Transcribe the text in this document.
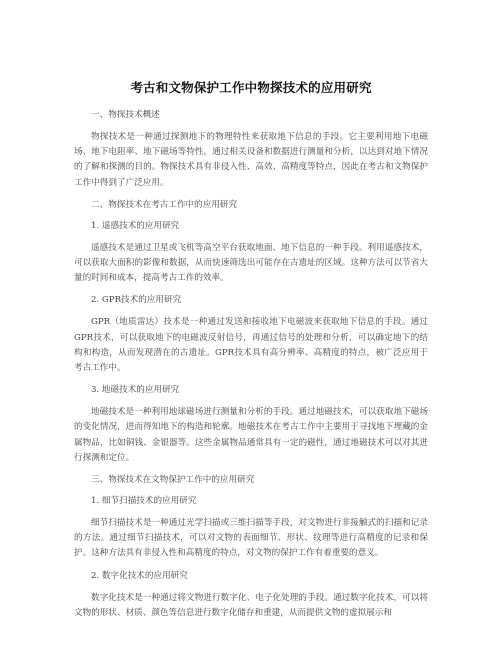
考古和文物保护工作中物探技术的应用研究
一、物探技术概述

物探技术是一种通过探测地下的物理特性来获取地下信息的手段。它主要利用地下电磁场、地下电阻率、地下磁场等特性，通过相关设备和数据进行测量和分析，以达到对地下情况的了解和探测的目的。物探技术具有非侵入性、高效、高精度等特点，因此在考古和文物保护工作中得到了广泛应用。

二、物探技术在考古工作中的应用研究
1. 遥感技术的应用研究

遥感技术是通过卫星或飞机等高空平台获取地面、地下信息的一种手段。利用遥感技术，可以获取大面积的影像和数据，从而快速筛选出可能存在古遗址的区域。这种方法可以节省大量的时间和成本，提高考古工作的效率。

2. GPR技术的应用研究

GPR（地质雷达）技术是一种通过发送和接收地下电磁波来获取地下信息的手段。通过GPR技术，可以获取地下的电磁波反射信号，再通过信号的处理和分析，可以确定地下的结构和构造，从而发现潜在的古遗址。GPR技术具有高分辨率、高精度的特点，被广泛应用于考古工作中。

3. 地磁技术的应用研究

地磁技术是一种利用地球磁场进行测量和分析的手段。通过地磁技术，可以获取地下磁场的变化情况，进而得知地下的构造和轮廓。地磁技术在考古工作中主要用于寻找地下埋藏的金属物品，比如铜钱、金银器等。这些金属物品通常具有一定的磁性，通过地磁技术可以对其进行探测和定位。

三、物探技术在文物保护工作中的应用研究
1. 细节扫描技术的应用研究

细节扫描技术是一种通过光学扫描或三维扫描等手段，对文物进行非接触式的扫描和记录的方法。通过细节扫描技术，可以对文物的表面细节、形状、纹理等进行高精度的记录和保护。这种方法具有非侵入性和高精度的特点，对文物的保护工作有着重要的意义。

2. 数字化技术的应用研究

数字化技术是一种通过将文物进行数字化、电子化处理的手段。通过数字化技术，可以将文物的形状、材质、颜色等信息进行数字化储存和重建，从而提供文物的虚拟展示和
